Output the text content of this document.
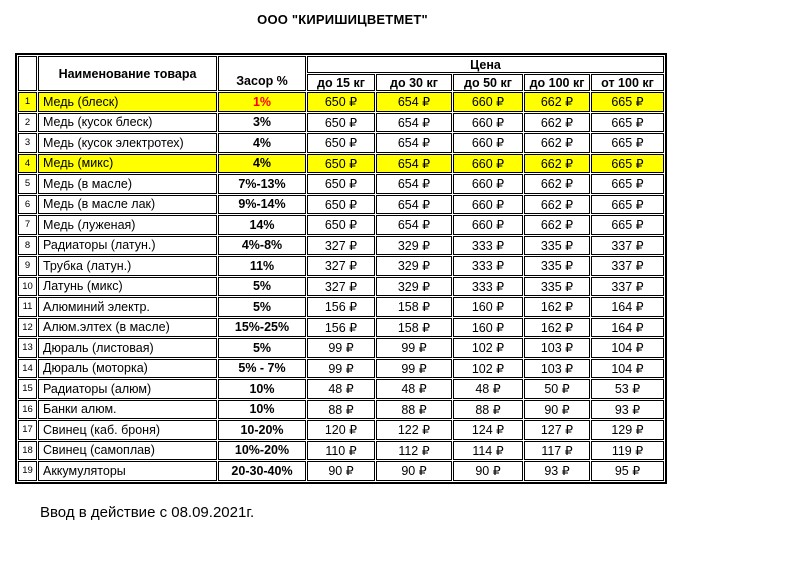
ООО "КИРИШИЦВЕТМЕТ"
	Наименование товара	Засор %	Цена				
			до 15 кг	до 30 кг	до 50 кг	до 100 кг	от 100 кг
1	Медь (блеск)	1%	650 ₽	654 ₽	660 ₽	662 ₽	665 ₽
2	Медь (кусок блеск)	3%	650 ₽	654 ₽	660 ₽	662 ₽	665 ₽
3	Медь (кусок электротех)	4%	650 ₽	654 ₽	660 ₽	662 ₽	665 ₽
4	Медь (микс)	4%	650 ₽	654 ₽	660 ₽	662 ₽	665 ₽
5	Медь (в масле)	7%-13%	650 ₽	654 ₽	660 ₽	662 ₽	665 ₽
6	Медь (в масле лак)	9%-14%	650 ₽	654 ₽	660 ₽	662 ₽	665 ₽
7	Медь (луженая)	14%	650 ₽	654 ₽	660 ₽	662 ₽	665 ₽
8	Радиаторы (латун.)	4%-8%	327 ₽	329 ₽	333 ₽	335 ₽	337 ₽
9	Трубка (латун.)	11%	327 ₽	329 ₽	333 ₽	335 ₽	337 ₽
10	Латунь (микс)	5%	327 ₽	329 ₽	333 ₽	335 ₽	337 ₽
11	Алюминий электр.	5%	156 ₽	158 ₽	160 ₽	162 ₽	164 ₽
12	Алюм.элтех (в масле)	15%-25%	156 ₽	158 ₽	160 ₽	162 ₽	164 ₽
13	Дюраль (листовая)	5%	99 ₽	99 ₽	102 ₽	103 ₽	104 ₽
14	Дюраль (моторка)	5% - 7%	99 ₽	99 ₽	102 ₽	103 ₽	104 ₽
15	Радиаторы (алюм)	10%	48 ₽	48 ₽	48 ₽	50 ₽	53 ₽
16	Банки алюм.	10%	88 ₽	88 ₽	88 ₽	90 ₽	93 ₽
17	Свинец (каб. броня)	10-20%	120 ₽	122 ₽	124 ₽	127 ₽	129 ₽
18	Свинец (самоплав)	10%-20%	110 ₽	112 ₽	114 ₽	117 ₽	119 ₽
19	Аккумуляторы	20-30-40%	90 ₽	90 ₽	90 ₽	93 ₽	95 ₽
Ввод в действие с 08.09.2021г.
